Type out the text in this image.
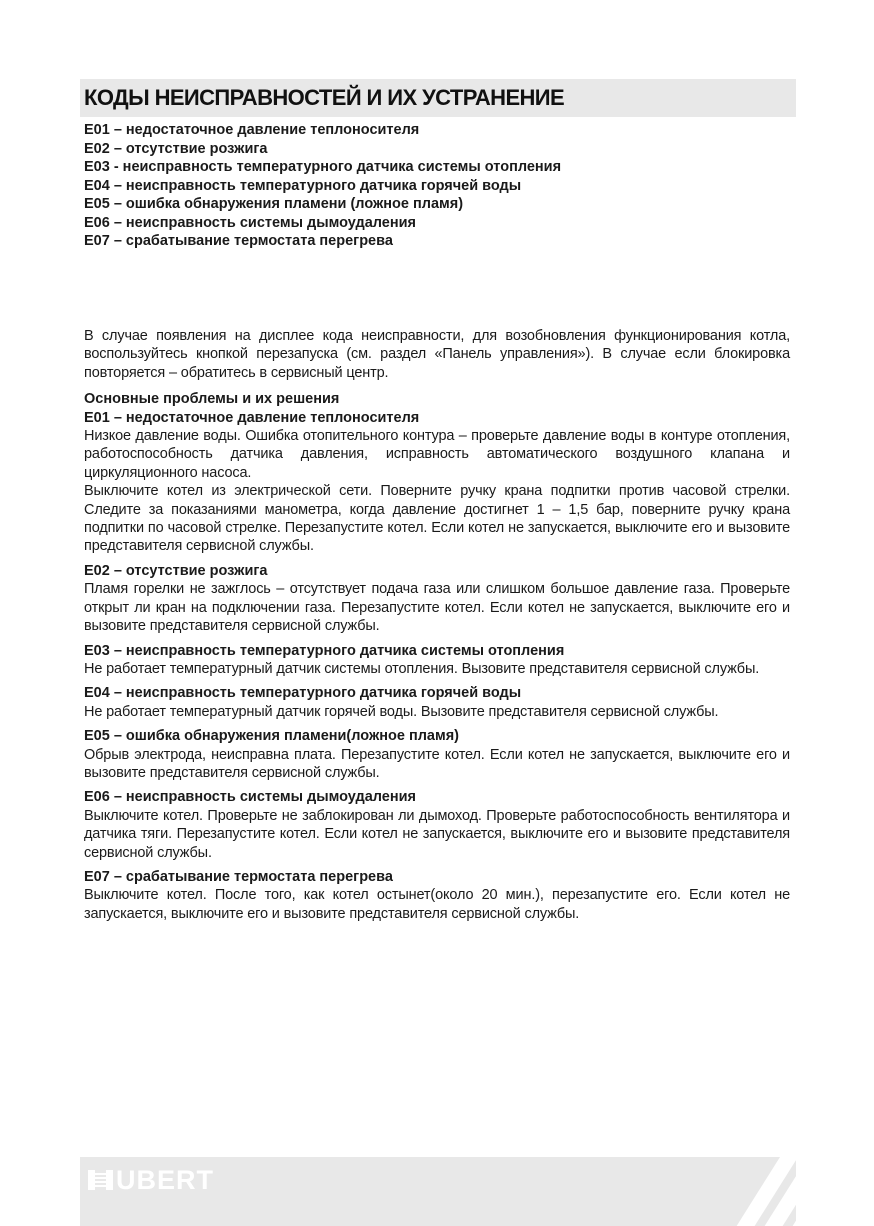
КОДЫ НЕИСПРАВНОСТЕЙ И ИХ УСТРАНЕНИЕ
E01 – недостаточное давление теплоносителя
E02 – отсутствие розжига
E03 - неисправность температурного датчика системы отопления
E04 – неисправность температурного датчика горячей воды
E05 – ошибка обнаружения пламени (ложное пламя)
E06 – неисправность системы дымоудаления
E07 – срабатывание термостата перегрева

В случае появления на дисплее кода неисправности, для возобновления функционирования котла, воспользуйтесь кнопкой перезапуска (см. раздел «Панель управления»). В случае если блокировка повторяется – обратитесь в сервисный центр.

Основные проблемы и их решения
E01 – недостаточное давление теплоносителя

Низкое давление воды. Ошибка отопительного контура – проверьте давление воды в контуре отопления, работоспособность датчика давления, исправность автоматического воздушного клапана и циркуляционного насоса.

Выключите котел из электрической сети. Поверните ручку крана подпитки против часовой стрелки. Следите за показаниями манометра, когда давление достигнет 1 – 1,5 бар, поверните ручку крана подпитки по часовой стрелке. Перезапустите котел. Если котел не запускается, выключите его и вызовите представителя сервисной службы.

E02 – отсутствие розжига

Пламя горелки не зажглось – отсутствует подача газа или слишком большое давление газа. Проверьте открыт ли кран на подключении газа. Перезапустите котел. Если котел не запускается, выключите его и вызовите представителя сервисной службы.

E03 – неисправность температурного датчика системы отопления

Не работает температурный датчик системы отопления. Вызовите представителя сервисной службы.

E04 – неисправность температурного датчика горячей воды

Не работает температурный датчик горячей воды. Вызовите представителя сервисной службы.

E05 – ошибка обнаружения пламени(ложное пламя)

Обрыв электрода, неисправна плата. Перезапустите котел. Если котел не запускается, выключите его и вызовите представителя сервисной службы.

E06 – неисправность системы дымоудаления

Выключите котел. Проверьте не заблокирован ли дымоход. Проверьте работоспособность вентилятора и датчика тяги. Перезапустите котел. Если котел не запускается, выключите его и вызовите представителя сервисной службы.

E07 – срабатывание термостата перегрева

Выключите котел. После того, как котел остынет(около 20 мин.), перезапустите его. Если котел не запускается, выключите его и вызовите представителя сервисной службы.

UBERT
